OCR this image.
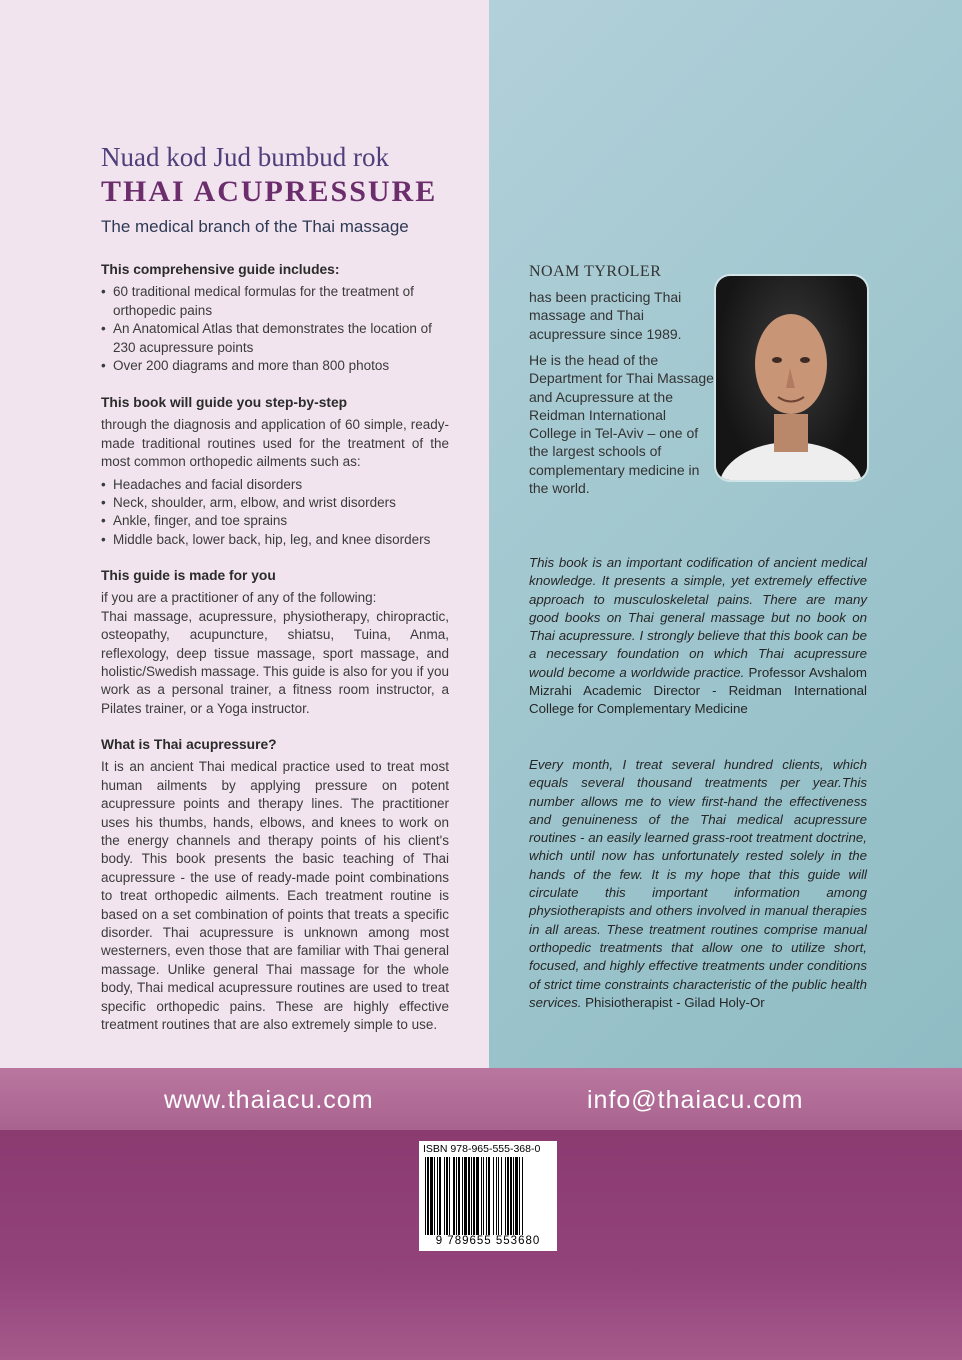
Nuad kod Jud bumbud rok
THAI ACUPRESSURE
The medical branch of the Thai massage
This comprehensive guide includes:
• 60 traditional medical formulas for the treatment of orthopedic pains
• An Anatomical Atlas that demonstrates the location of 230 acupressure points
• Over 200 diagrams and more than 800 photos
This book will guide you step-by-step

through the diagnosis and application of 60 simple, ready-made traditional routines used for the treatment of the most common orthopedic ailments such as:

• Headaches and facial disorders
• Neck, shoulder, arm, elbow, and wrist disorders
• Ankle, finger, and toe sprains
• Middle back, lower back, hip, leg, and knee disorders
This guide is made for you

if you are a practitioner of any of the following:

Thai massage, acupressure, physiotherapy, chiropractic, osteopathy, acupuncture, shiatsu, Tuina, Anma, reflexology, deep tissue massage, sport massage, and holistic/Swedish massage. This guide is also for you if you work as a personal trainer, a fitness room instructor, a Pilates trainer, or a Yoga instructor.

What is Thai acupressure?

It is an ancient Thai medical practice used to treat most human ailments by applying pressure on potent acupressure points and therapy lines. The practitioner uses his thumbs, hands, elbows, and knees to work on the energy channels and therapy points of his client's body. This book presents the basic teaching of Thai acupressure - the use of ready-made point combinations to treat orthopedic ailments. Each treatment routine is based on a set combination of points that treats a specific disorder. Thai acupressure is unknown among most westerners, even those that are familiar with Thai general massage. Unlike general Thai massage for the whole body, Thai medical acupressure routines are used to treat specific orthopedic pains. These are highly effective treatment routines that are also extremely simple to use.

NOAM TYROLER

has been practicing Thai massage and Thai acupressure since 1989.

He is the head of the Department for Thai Massage and Acupressure at the Reidman International College in Tel-Aviv – one of the largest schools of complementary medicine in the world.

This book is an important codification of ancient medical knowledge. It presents a simple, yet extremely effective approach to musculoskeletal pains. There are many good books on Thai general massage but no book on Thai acupressure. I strongly believe that this book can be a necessary foundation on which Thai acupressure would become a worldwide practice. Professor Avshalom Mizrahi Academic Director - Reidman International College for Complementary Medicine

Every month, I treat several hundred clients, which equals several thousand treatments per year.This number allows me to view first-hand the effectiveness and genuineness of the Thai medical acupressure routines - an easily learned grass-root treatment doctrine, which until now has unfortunately rested solely in the hands of the few. It is my hope that this guide will circulate this important information among physiotherapists and others involved in manual therapies in all areas. These treatment routines comprise manual orthopedic treatments that allow one to utilize short, focused, and highly effective treatments under conditions of strict time constraints characteristic of the public health services. Phisiotherapist - Gilad Holy-Or

www.thaiacu.com	info@thaiacu.com
ISBN 978-965-555-368-0
9 789655 553680
